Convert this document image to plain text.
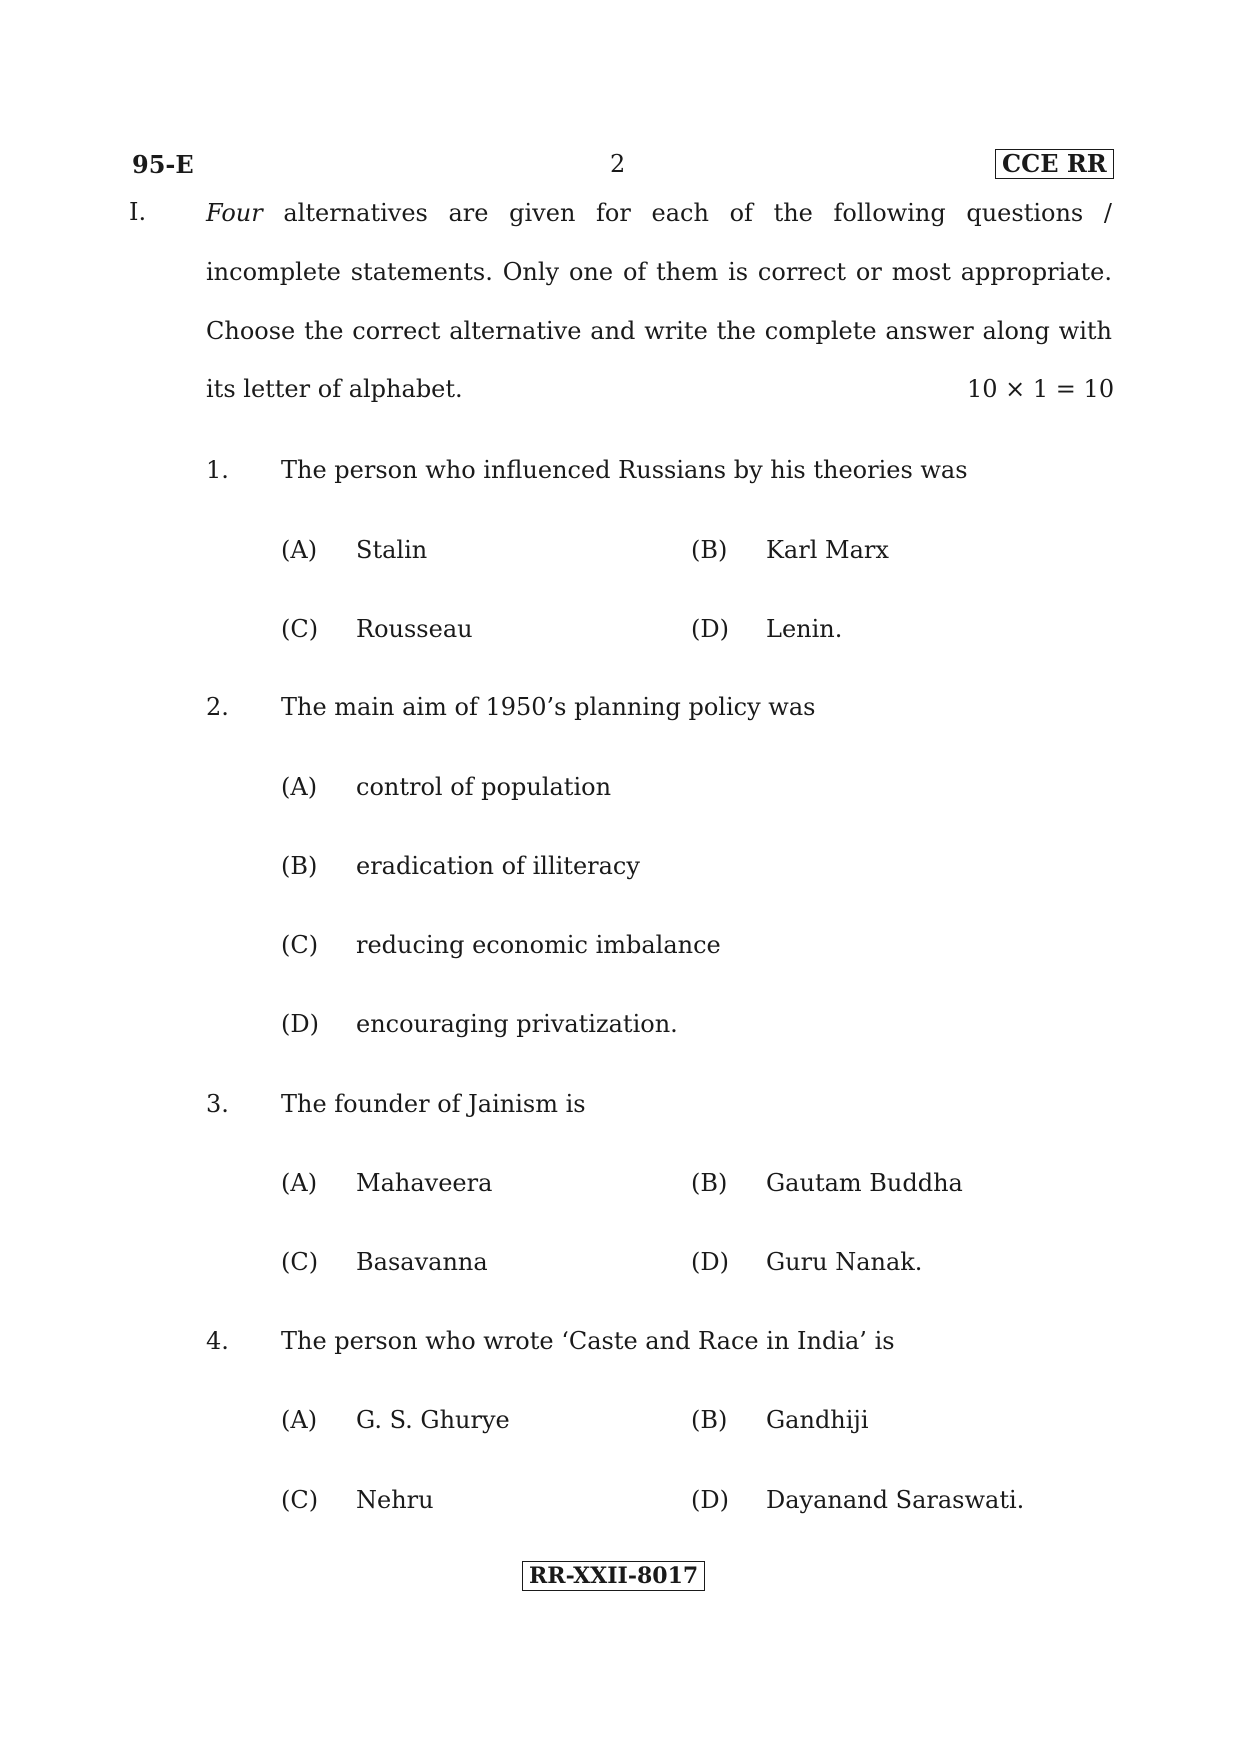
95-E	2	CCE RR
I. Four alternatives are given for each of the following questions /
incomplete statements. Only one of them is correct or most appropriate.
Choose the correct alternative and write the complete answer along with
its letter of alphabet.	10 × 1 = 10
1. The person who influenced Russians by his theories was
(A) Stalin	(B) Karl Marx
(C) Rousseau	(D) Lenin.
2. The main aim of 1950’s planning policy was
(A) control of population
(B) eradication of illiteracy
(C) reducing economic imbalance
(D) encouraging privatization.
3. The founder of Jainism is
(A) Mahaveera	(B) Gautam Buddha
(C) Basavanna	(D) Guru Nanak.
4. The person who wrote ‘Caste and Race in India’ is
(A) G. S. Ghurye	(B) Gandhiji
(C) Nehru	(D) Dayanand Saraswati.
RR-XXII-8017
